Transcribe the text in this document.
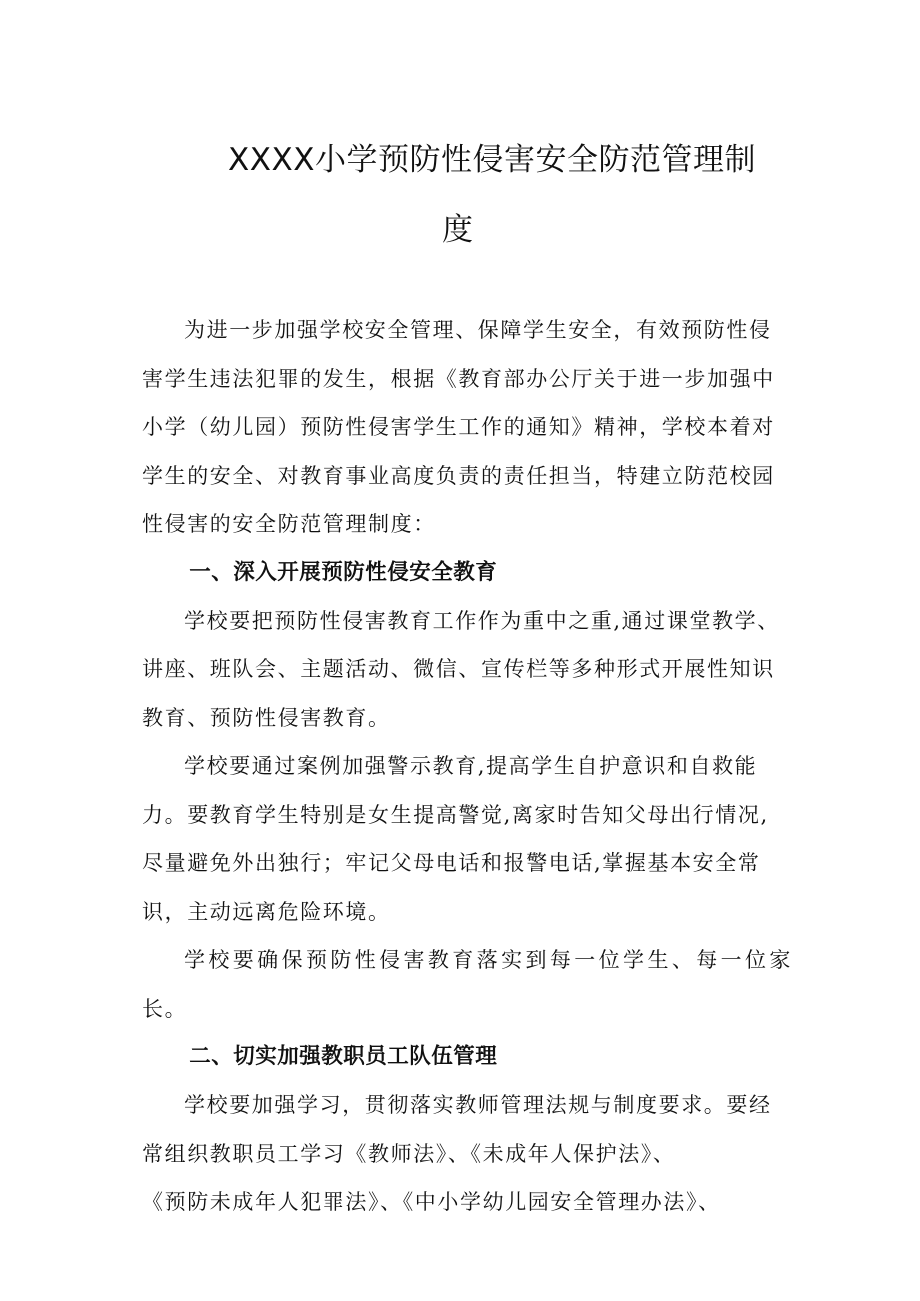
XXXX小学预防性侵害安全防范管理制
度

为进一步加强学校安全管理、保障学生安全，有效预防性侵
害学生违法犯罪的发生，根据《教育部办公厅关于进一步加强中
小学（幼儿园）预防性侵害学生工作的通知》精神，学校本着对
学生的安全、对教育事业高度负责的责任担当，特建立防范校园
性侵害的安全防范管理制度：

一、深入开展预防性侵安全教育

学校要把预防性侵害教育工作作为重中之重,通过课堂教学、
讲座、班队会、主题活动、微信、宣传栏等多种形式开展性知识
教育、预防性侵害教育。

学校要通过案例加强警示教育,提高学生自护意识和自救能
力。要教育学生特别是女生提高警觉,离家时告知父母出行情况,
尽量避免外出独行；牢记父母电话和报警电话,掌握基本安全常
识，主动远离危险环境。

学校要确保预防性侵害教育落实到每一位学生、每一位家长。

二、切实加强教职员工队伍管理

学校要加强学习，贯彻落实教师管理法规与制度要求。要经
常组织教职员工学习《教师法》、《未成年人保护法》、
《预防未成年人犯罪法》、《中小学幼儿园安全管理办法》、
